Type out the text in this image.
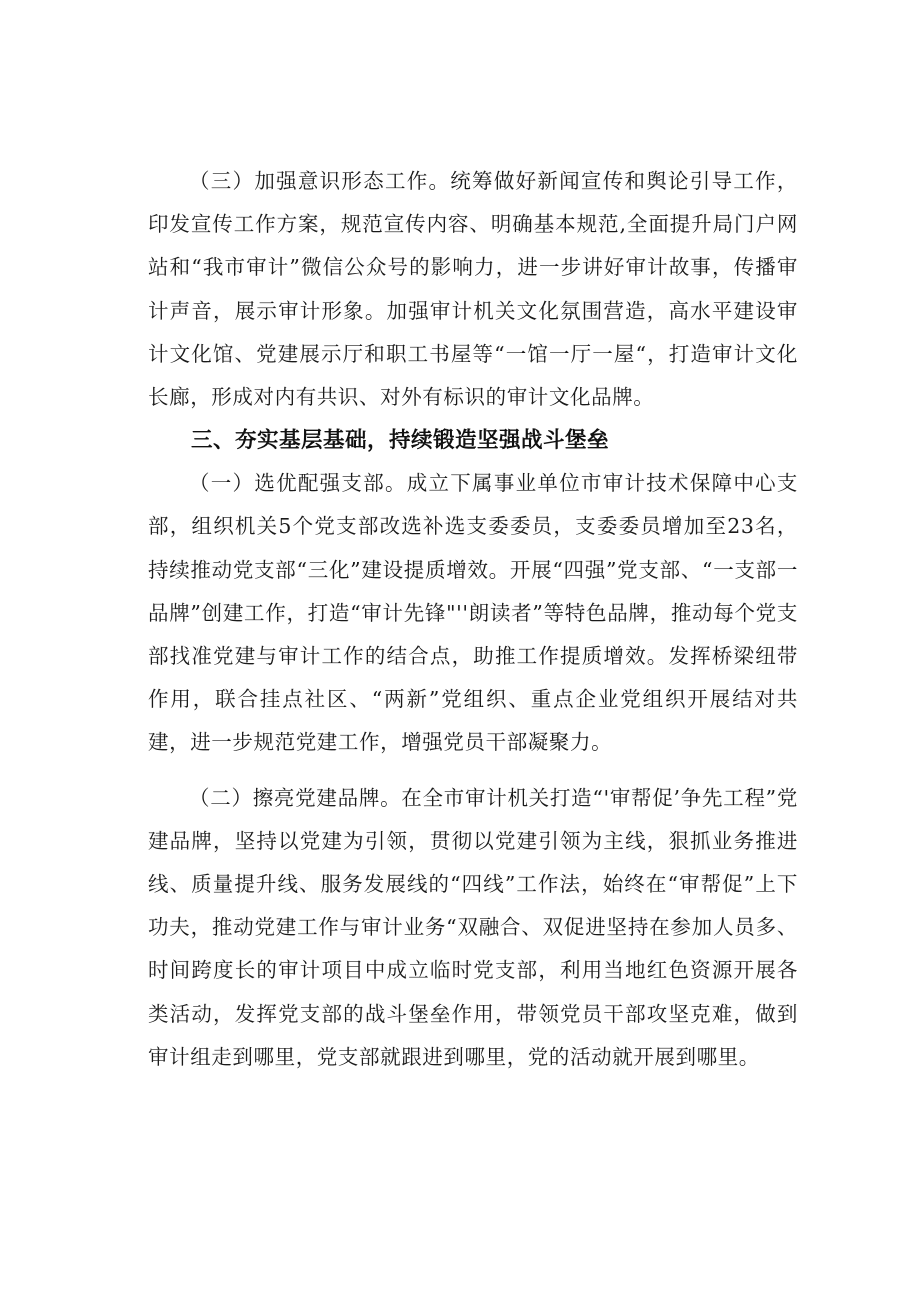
（三）加强意识形态工作。统筹做好新闻宣传和舆论引导工作，印发宣传工作方案，规范宣传内容、明确基本规范,全面提升局门户网站和“我市审计”微信公众号的影响力，进一步讲好审计故事，传播审计声音，展示审计形象。加强审计机关文化氛围营造，高水平建设审计文化馆、党建展示厅和职工书屋等“一馆一厅一屋“，打造审计文化长廊，形成对内有共识、对外有标识的审计文化品牌。

三、夯实基层基础，持续锻造坚强战斗堡垒

（一）选优配强支部。成立下属事业单位市审计技术保障中心支部，组织机关5个党支部改选补选支委委员，支委委员增加至23名，持续推动党支部“三化”建设提质增效。开展“四强”党支部、“一支部一品牌”创建工作，打造“审计先锋"''朗读者”等特色品牌，推动每个党支部找准党建与审计工作的结合点，助推工作提质增效。发挥桥梁纽带作用，联合挂点社区、“两新”党组织、重点企业党组织开展结对共建，进一步规范党建工作，增强党员干部凝聚力。

（二）擦亮党建品牌。在全市审计机关打造“'审帮促’争先工程”党建品牌，坚持以党建为引领，贯彻以党建引领为主线，狠抓业务推进线、质量提升线、服务发展线的“四线”工作法，始终在“审帮促”上下功夫，推动党建工作与审计业务“双融合、双促进坚持在参加人员多、时间跨度长的审计项目中成立临时党支部，利用当地红色资源开展各类活动，发挥党支部的战斗堡垒作用，带领党员干部攻坚克难，做到审计组走到哪里，党支部就跟进到哪里，党的活动就开展到哪里。
